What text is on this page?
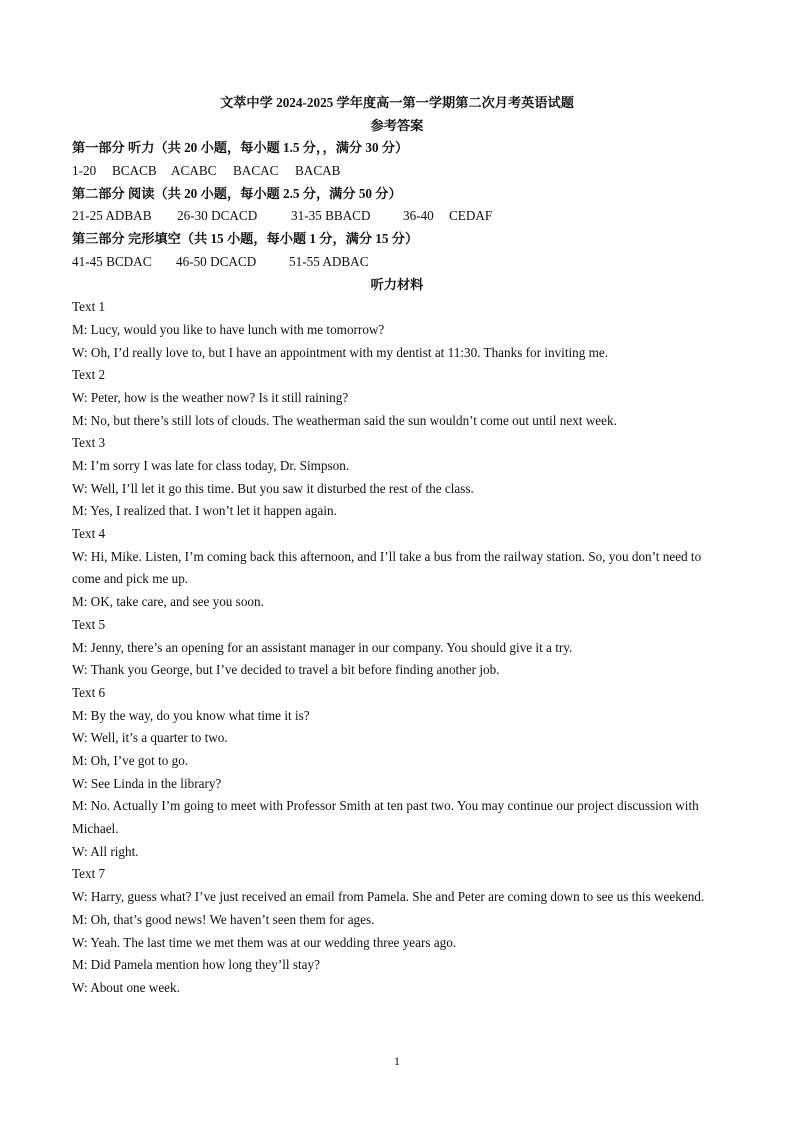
文萃中学 2024-2025 学年度高一第一学期第二次月考英语试题
参考答案
第一部分 听力（共 20 小题，每小题 1.5 分，，满分 30 分）
1-20 BCACB ACABC BACAC BACAB
第二部分 阅读（共 20 小题，每小题 2.5 分，满分 50 分）
21-25 ADBAB 26-30 DCACD	31-35 BBACD 36-40 CEDAF
第三部分 完形填空（共 15 小题，每小题 1 分，满分 15 分）
41-45 BCDAC 46-50 DCACD 51-55 ADBAC
听力材料
Text 1
M: Lucy, would you like to have lunch with me tomorrow?
W: Oh, I’d really love to, but I have an appointment with my dentist at 11:30. Thanks for inviting me.
Text 2
W: Peter, how is the weather now? Is it still raining?
M: No, but there’s still lots of clouds. The weatherman said the sun wouldn’t come out until next week.
Text 3
M: I’m sorry I was late for class today, Dr. Simpson.
W: Well, I’ll let it go this time. But you saw it disturbed the rest of the class.
M: Yes, I realized that. I won’t let it happen again.
Text 4
W: Hi, Mike. Listen, I’m coming back this afternoon, and I’ll take a bus from the railway station. So, you don’t need to come and pick me up.
M: OK, take care, and see you soon.
Text 5
M: Jenny, there’s an opening for an assistant manager in our company. You should give it a try.
W: Thank you George, but I’ve decided to travel a bit before finding another job.
Text 6
M: By the way, do you know what time it is?
W: Well, it’s a quarter to two.
M: Oh, I’ve got to go.
W: See Linda in the library?
M: No. Actually I’m going to meet with Professor Smith at ten past two. You may continue our project discussion with Michael.
W: All right.
Text 7
W: Harry, guess what? I’ve just received an email from Pamela. She and Peter are coming down to see us this weekend.
M: Oh, that’s good news! We haven’t seen them for ages.
W: Yeah. The last time we met them was at our wedding three years ago.
M: Did Pamela mention how long they’ll stay?
W: About one week.
1
